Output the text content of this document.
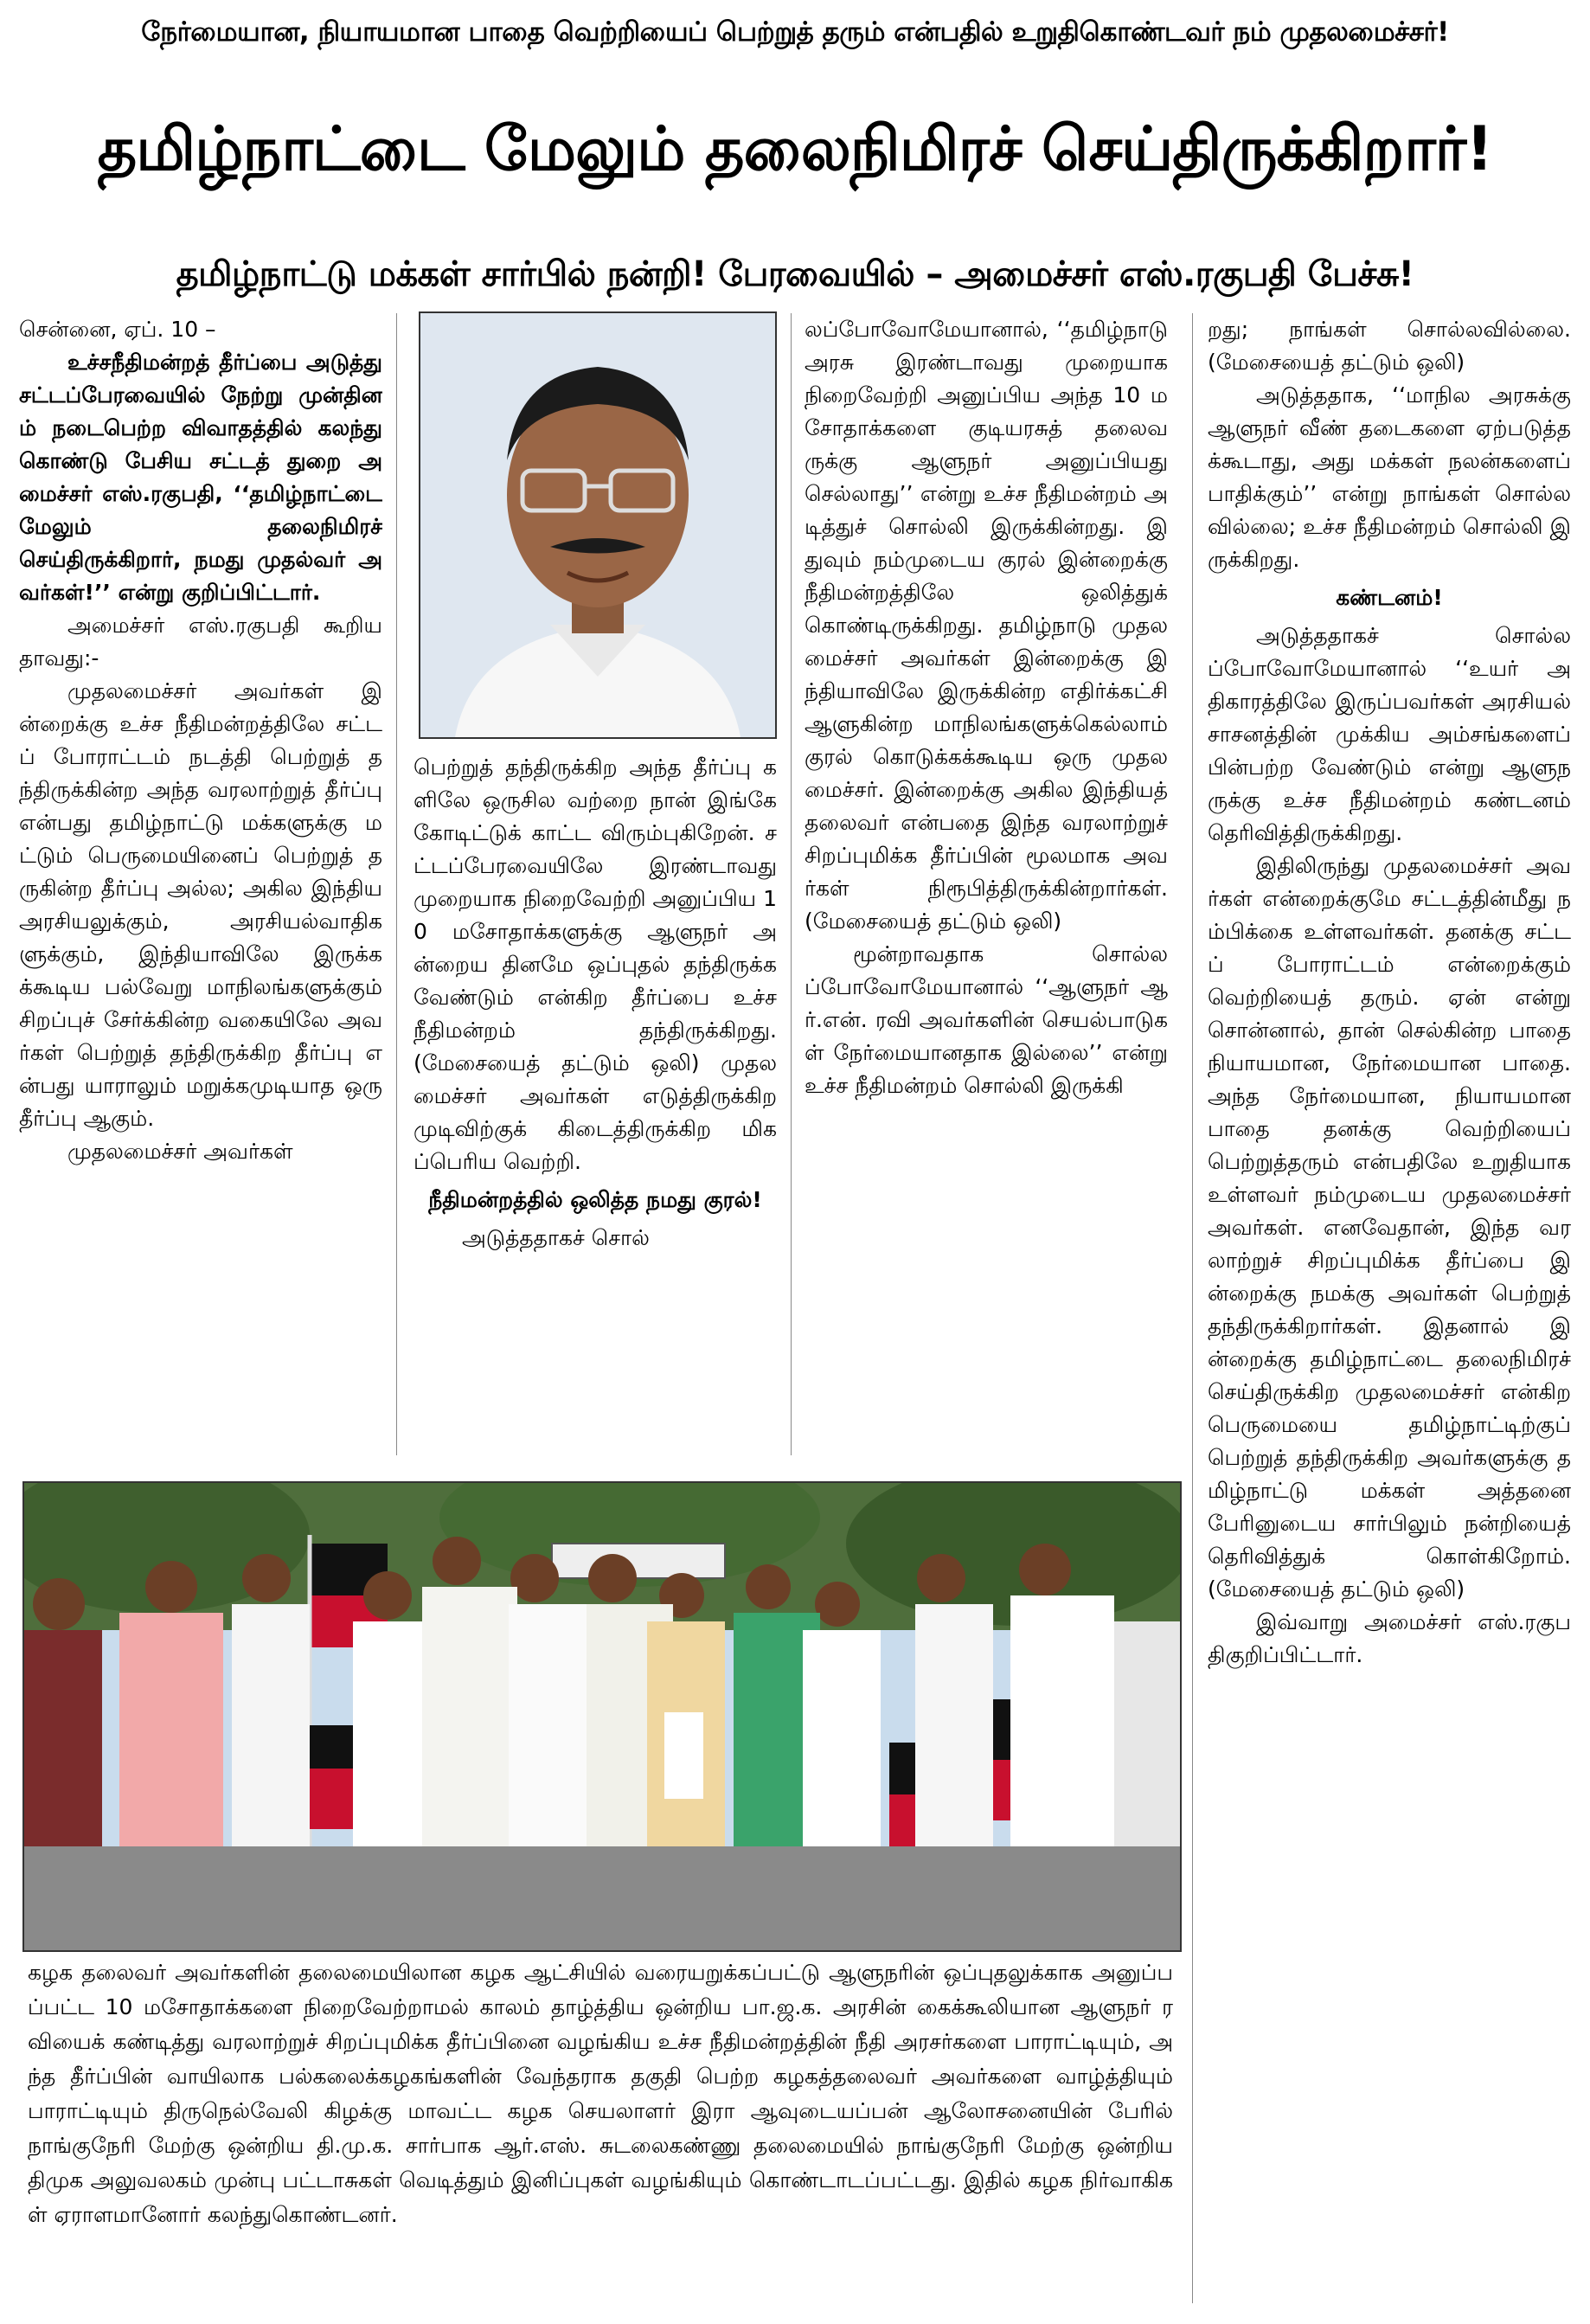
நேர்மையான, நியாயமான பாதை வெற்றியைப் பெற்றுத் தரும் என்பதில் உறுதிகொண்டவர் நம் முதலமைச்சர்!
தமிழ்நாட்டை மேலும் தலைநிமிரச் செய்திருக்கிறார்!
தமிழ்நாட்டு மக்கள் சார்பில் நன்றி! பேரவையில் – அமைச்சர் எஸ்.ரகுபதி பேச்சு!

சென்னை, ஏப். 10 –

உச்சநீதிமன்றத் தீர்ப்பை அடுத்து சட்டப்பேரவையில் நேற்று முன்தினம் நடைபெற்ற விவாதத்தில் கலந்து கொண்டு பேசிய சட்டத் துறை அமைச்சர் எஸ்.ரகுபதி, ‘‘தமிழ்நாட்டை மேலும் தலைநிமிரச் செய்திருக்கிறார், நமது முதல்வர் அவர்கள்!’’ என்று குறிப்பிட்டார்.

அமைச்சர் எஸ்.ரகுபதி கூறியதாவது:-

முதலமைச்சர் அவர்கள் இன்றைக்கு உச்ச நீதிமன்றத்திலே சட்டப் போராட்டம் நடத்தி பெற்றுத் தந்திருக்கின்ற அந்த வரலாற்றுத் தீர்ப்பு என்பது தமிழ்நாட்டு மக்களுக்கு மட்டும் பெருமையினைப் பெற்றுத் தருகின்ற தீர்ப்பு அல்ல; அகில இந்திய அரசியலுக்கும், அரசியல்வாதிகளுக்கும், இந்தியாவிலே இருக்கக்கூடிய பல்வேறு மாநிலங்களுக்கும் சிறப்புச் சேர்க்கின்ற வகையிலே அவர்கள் பெற்றுத் தந்திருக்கிற தீர்ப்பு என்பது யாராலும் மறுக்கமுடியாத ஒரு தீர்ப்பு ஆகும்.

முதலமைச்சர் அவர்கள்

பெற்றுத் தந்திருக்கிற அந்த தீர்ப்பு களிலே ஒருசில வற்றை நான் இங்கே கோடிட்டுக் காட்ட விரும்புகிறேன். சட்டப்பேரவையிலே இரண்டாவது முறையாக நிறைவேற்றி அனுப்பிய 10 மசோதாக்களுக்கு ஆளுநர் அன்றைய தினமே ஒப்புதல் தந்திருக்க வேண்டும் என்கிற தீர்ப்பை உச்ச நீதிமன்றம் தந்திருக்கிறது. (மேசையைத் தட்டும் ஒலி) முதலமைச்சர் அவர்கள் எடுத்திருக்கிற முடிவிற்குக் கிடைத்திருக்கிற மிகப்பெரிய வெற்றி.

நீதிமன்றத்தில் ஒலித்த நமது குரல்!

அடுத்ததாகச் சொல்

லப்போவோமேயானால், ‘‘தமிழ்நாடு அரசு இரண்டாவது முறையாக நிறைவேற்றி அனுப்பிய அந்த 10 மசோதாக்களை குடியரசுத் தலைவருக்கு ஆளுநர் அனுப்பியது செல்லாது’’ என்று உச்ச நீதிமன்றம் அடித்துச் சொல்லி இருக்கின்றது. இதுவும் நம்முடைய குரல் இன்றைக்கு நீதிமன்றத்திலே ஒலித்துக் கொண்டிருக்கிறது. தமிழ்நாடு முதலமைச்சர் அவர்கள் இன்றைக்கு இந்தியாவிலே இருக்கின்ற எதிர்க்கட்சி ஆளுகின்ற மாநிலங்களுக்கெல்லாம் குரல் கொடுக்கக்கூடிய ஒரு முதலமைச்சர். இன்றைக்கு அகில இந்தியத் தலைவர் என்பதை இந்த வரலாற்றுச் சிறப்புமிக்க தீர்ப்பின் மூலமாக அவர்கள் நிரூபித்திருக்கின்றார்கள். (மேசையைத் தட்டும் ஒலி)

மூன்றாவதாக சொல்லப்போவோமேயானால் ‘‘ஆளுநர் ஆர்.என். ரவி அவர்களின் செயல்பாடுகள் நேர்மையானதாக இல்லை’’ என்று உச்ச நீதிமன்றம் சொல்லி இருக்கி

றது; நாங்கள் சொல்லவில்லை. (மேசையைத் தட்டும் ஒலி)

அடுத்ததாக, ‘‘மாநில அரசுக்கு ஆளுநர் வீண் தடைகளை ஏற்படுத்தக்கூடாது, அது மக்கள் நலன்களைப் பாதிக்கும்’’ என்று நாங்கள் சொல்லவில்லை; உச்ச நீதிமன்றம் சொல்லி இருக்கிறது.

கண்டனம்!

அடுத்ததாகச் சொல்லப்போவோமேயானால் ‘‘உயர் அதிகாரத்திலே இருப்பவர்கள் அரசியல் சாசனத்தின் முக்கிய அம்சங்களைப் பின்பற்ற வேண்டும் என்று ஆளுநருக்கு உச்ச நீதிமன்றம் கண்டனம் தெரிவித்திருக்கிறது.

இதிலிருந்து முதலமைச்சர் அவர்கள் என்றைக்குமே சட்டத்தின்மீது நம்பிக்கை உள்ளவர்கள். தனக்கு சட்டப் போராட்டம் என்றைக்கும் வெற்றியைத் தரும். ஏன் என்று சொன்னால், தான் செல்கின்ற பாதை நியாயமான, நேர்மையான பாதை. அந்த நேர்மையான, நியாயமான பாதை தனக்கு வெற்றியைப் பெற்றுத்தரும் என்பதிலே உறுதியாக உள்ளவர் நம்முடைய முதலமைச்சர் அவர்கள். எனவேதான், இந்த வரலாற்றுச் சிறப்புமிக்க தீர்ப்பை இன்றைக்கு நமக்கு அவர்கள் பெற்றுத் தந்திருக்கிறார்கள். இதனால் இன்றைக்கு தமிழ்நாட்டை தலைநிமிரச் செய்திருக்கிற முதலமைச்சர் என்கிற பெருமையை தமிழ்நாட்டிற்குப் பெற்றுத் தந்திருக்கிற அவர்களுக்கு தமிழ்நாட்டு மக்கள் அத்தனை பேரினுடைய சார்பிலும் நன்றியைத் தெரிவித்துக் கொள்கிறோம். (மேசையைத் தட்டும் ஒலி)

இவ்வாறு அமைச்சர் எஸ்.ரகுபதிகுறிப்பிட்டார்.

கழக தலைவர் அவர்களின் தலைமையிலான கழக ஆட்சியில் வரையறுக்கப்பட்டு ஆளுநரின் ஒப்புதலுக்காக அனுப்பப்பட்ட 10 மசோதாக்களை நிறைவேற்றாமல் காலம் தாழ்த்திய ஒன்றிய பா.ஜ.க. அரசின் கைக்கூலியான ஆளுநர் ரவியைக் கண்டித்து வரலாற்றுச் சிறப்புமிக்க தீர்ப்பினை வழங்கிய உச்ச நீதிமன்றத்தின் நீதி அரசர்களை பாராட்டியும், அந்த தீர்ப்பின் வாயிலாக பல்கலைக்கழகங்களின் வேந்தராக தகுதி பெற்ற கழகத்தலைவர் அவர்களை வாழ்த்தியும் பாராட்டியும் திருநெல்வேலி கிழக்கு மாவட்ட கழக செயலாளர் இரா ஆவுடையப்பன் ஆலோசனையின் பேரில் நாங்குநேரி மேற்கு ஒன்றிய தி.மு.க. சார்பாக ஆர்.எஸ். சுடலைகண்ணு தலைமையில் நாங்குநேரி மேற்கு ஒன்றிய திமுக அலுவலகம் முன்பு பட்டாசுகள் வெடித்தும் இனிப்புகள் வழங்கியும் கொண்டாடப்பட்டது. இதில் கழக நிர்வாகிகள் ஏராளமானோர் கலந்துகொண்டனர்.
